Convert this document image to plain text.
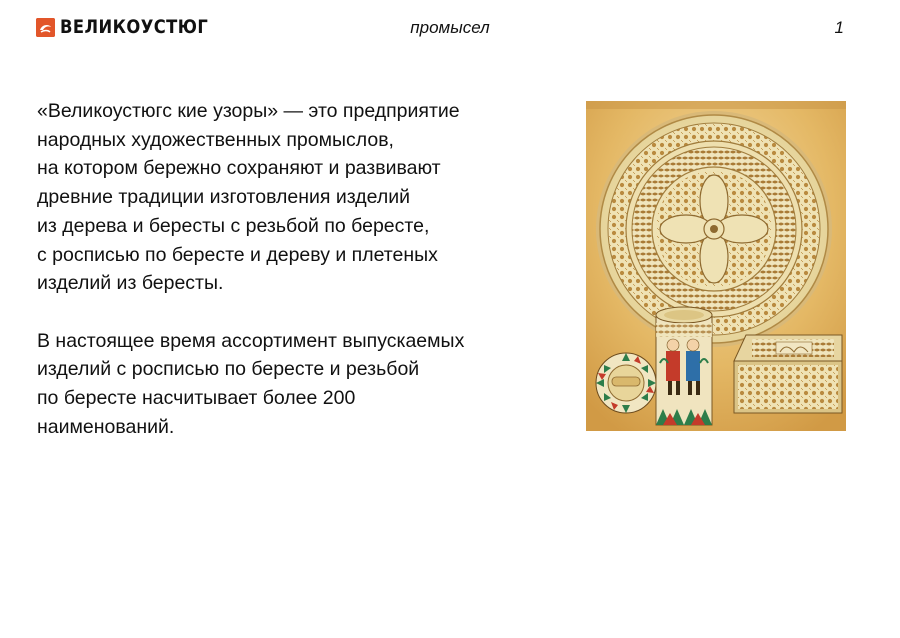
ВЕЛИКОУСТЮГ	промысел	1

«Великоустюгс кие узоры» — это предприятие
народных художественных промыслов,
на котором бережно сохраняют и развивают
древние традиции изготовления изделий
из дерева и бересты с резьбой по бересте,
с росписью по бересте и дереву и плетеных
изделий из бересты.

В настоящее время ассортимент выпускаемых
изделий с росписью по бересте и резьбой
по бересте насчитывает более 200
наименований.
